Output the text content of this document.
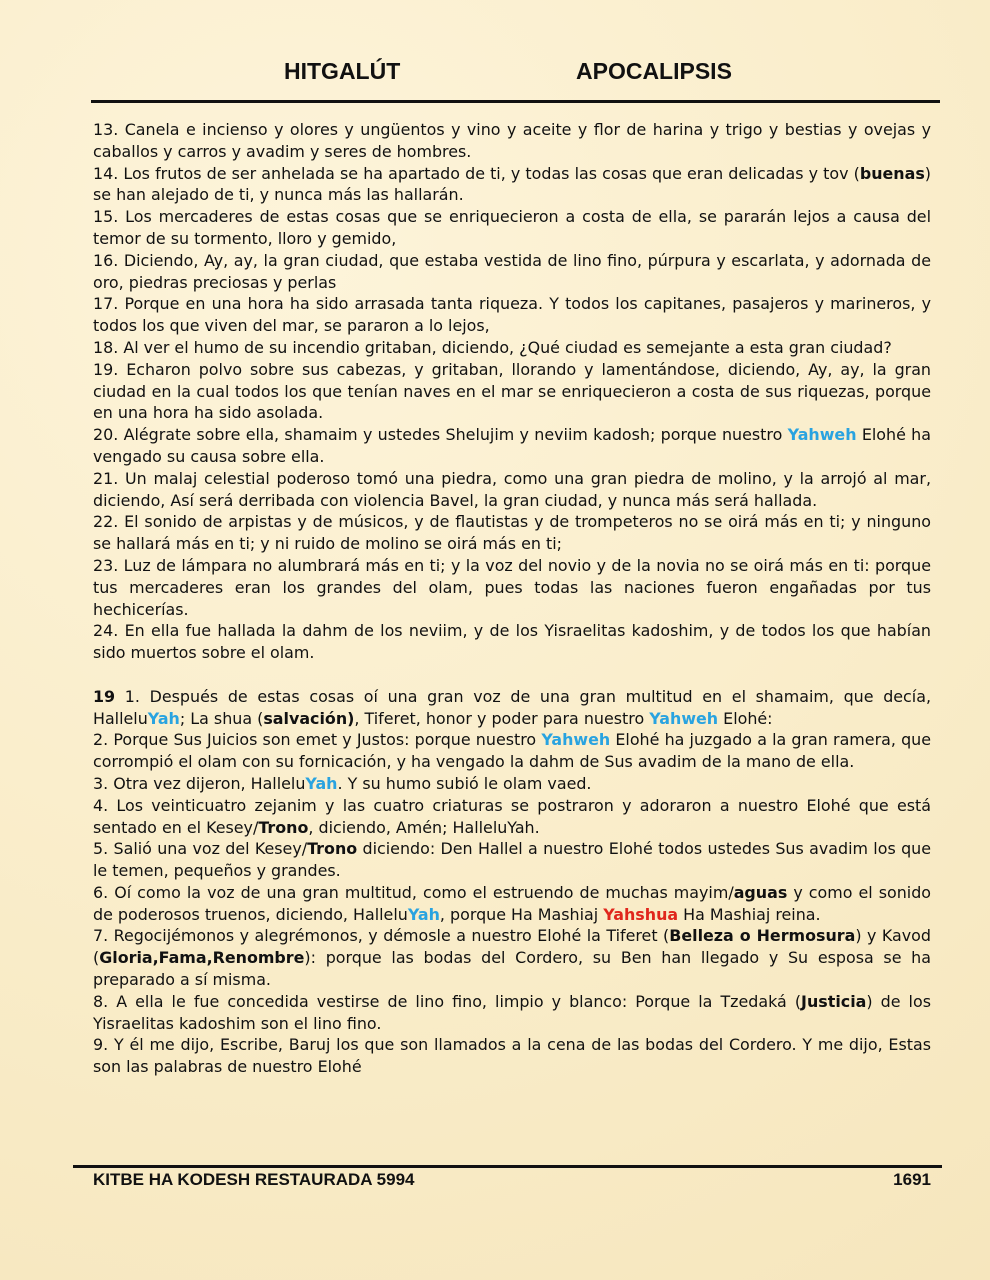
HITGALÚT	APOCALIPSIS

13. Canela e incienso y olores y ungüentos y vino y aceite y flor de harina y trigo y bestias y ovejas y caballos y carros y avadim y seres de hombres.

14. Los frutos de ser anhelada se ha apartado de ti, y todas las cosas que eran delicadas y tov (buenas) se han alejado de ti, y nunca más las hallarán.

15. Los mercaderes de estas cosas que se enriquecieron a costa de ella, se pararán lejos a causa del temor de su tormento, lloro y gemido,

16. Diciendo, Ay, ay, la gran ciudad, que estaba vestida de lino fino, púrpura y escarlata, y adornada de oro, piedras preciosas y perlas

17. Porque en una hora ha sido arrasada tanta riqueza. Y todos los capitanes, pasajeros y marineros, y todos los que viven del mar, se pararon a lo lejos,

18. Al ver el humo de su incendio gritaban, diciendo, ¿Qué ciudad es semejante a esta gran ciudad?

19. Echaron polvo sobre sus cabezas, y gritaban, llorando y lamentándose, diciendo, Ay, ay, la gran ciudad en la cual todos los que tenían naves en el mar se enriquecieron a costa de sus riquezas, porque en una hora ha sido asolada.

20. Alégrate sobre ella, shamaim y ustedes Shelujim y neviim kadosh; porque nuestro Yahweh Elohé ha vengado su causa sobre ella.

21. Un malaj celestial poderoso tomó una piedra, como una gran piedra de molino, y la arrojó al mar, diciendo, Así será derribada con violencia Bavel, la gran ciudad, y nunca más será hallada.

22. El sonido de arpistas y de músicos, y de flautistas y de trompeteros no se oirá más en ti; y ninguno se hallará más en ti; y ni ruido de molino se oirá más en ti;

23. Luz de lámpara no alumbrará más en ti; y la voz del novio y de la novia no se oirá más en ti: porque tus mercaderes eran los grandes del olam, pues todas las naciones fueron engañadas por tus hechicerías.

24. En ella fue hallada la dahm de los neviim, y de los Yisraelitas kadoshim, y de todos los que habían sido muertos sobre el olam.

19 1. Después de estas cosas oí una gran voz de una gran multitud en el shamaim, que decía, HalleluYah; La shua (salvación), Tiferet, honor y poder para nuestro Yahweh Elohé:

2. Porque Sus Juicios son emet y Justos: porque nuestro Yahweh Elohé ha juzgado a la gran ramera, que corrompió el olam con su fornicación, y ha vengado la dahm de Sus avadim de la mano de ella.

3. Otra vez dijeron, HalleluYah. Y su humo subió le olam vaed.

4. Los veinticuatro zejanim y las cuatro criaturas se postraron y adoraron a nuestro Elohé que está sentado en el Kesey/Trono, diciendo, Amén; HalleluYah.

5. Salió una voz del Kesey/Trono diciendo: Den Hallel a nuestro Elohé todos ustedes Sus avadim los que le temen, pequeños y grandes.

6. Oí como la voz de una gran multitud, como el estruendo de muchas mayim/aguas y como el sonido de poderosos truenos, diciendo, HalleluYah, porque Ha Mashiaj Yahshua Ha Mashiaj reina.

7. Regocijémonos y alegrémonos, y démosle a nuestro Elohé la Tiferet (Belleza o Hermosura) y Kavod (Gloria,Fama,Renombre): porque las bodas del Cordero, su Ben han llegado y Su esposa se ha preparado a sí misma.

8. A ella le fue concedida vestirse de lino fino, limpio y blanco: Porque la Tzedaká (Justicia) de los Yisraelitas kadoshim son el lino fino.

9. Y él me dijo, Escribe, Baruj los que son llamados a la cena de las bodas del Cordero. Y me dijo, Estas son las palabras de nuestro Elohé

KITBE HA KODESH RESTAURADA 5994	1691
